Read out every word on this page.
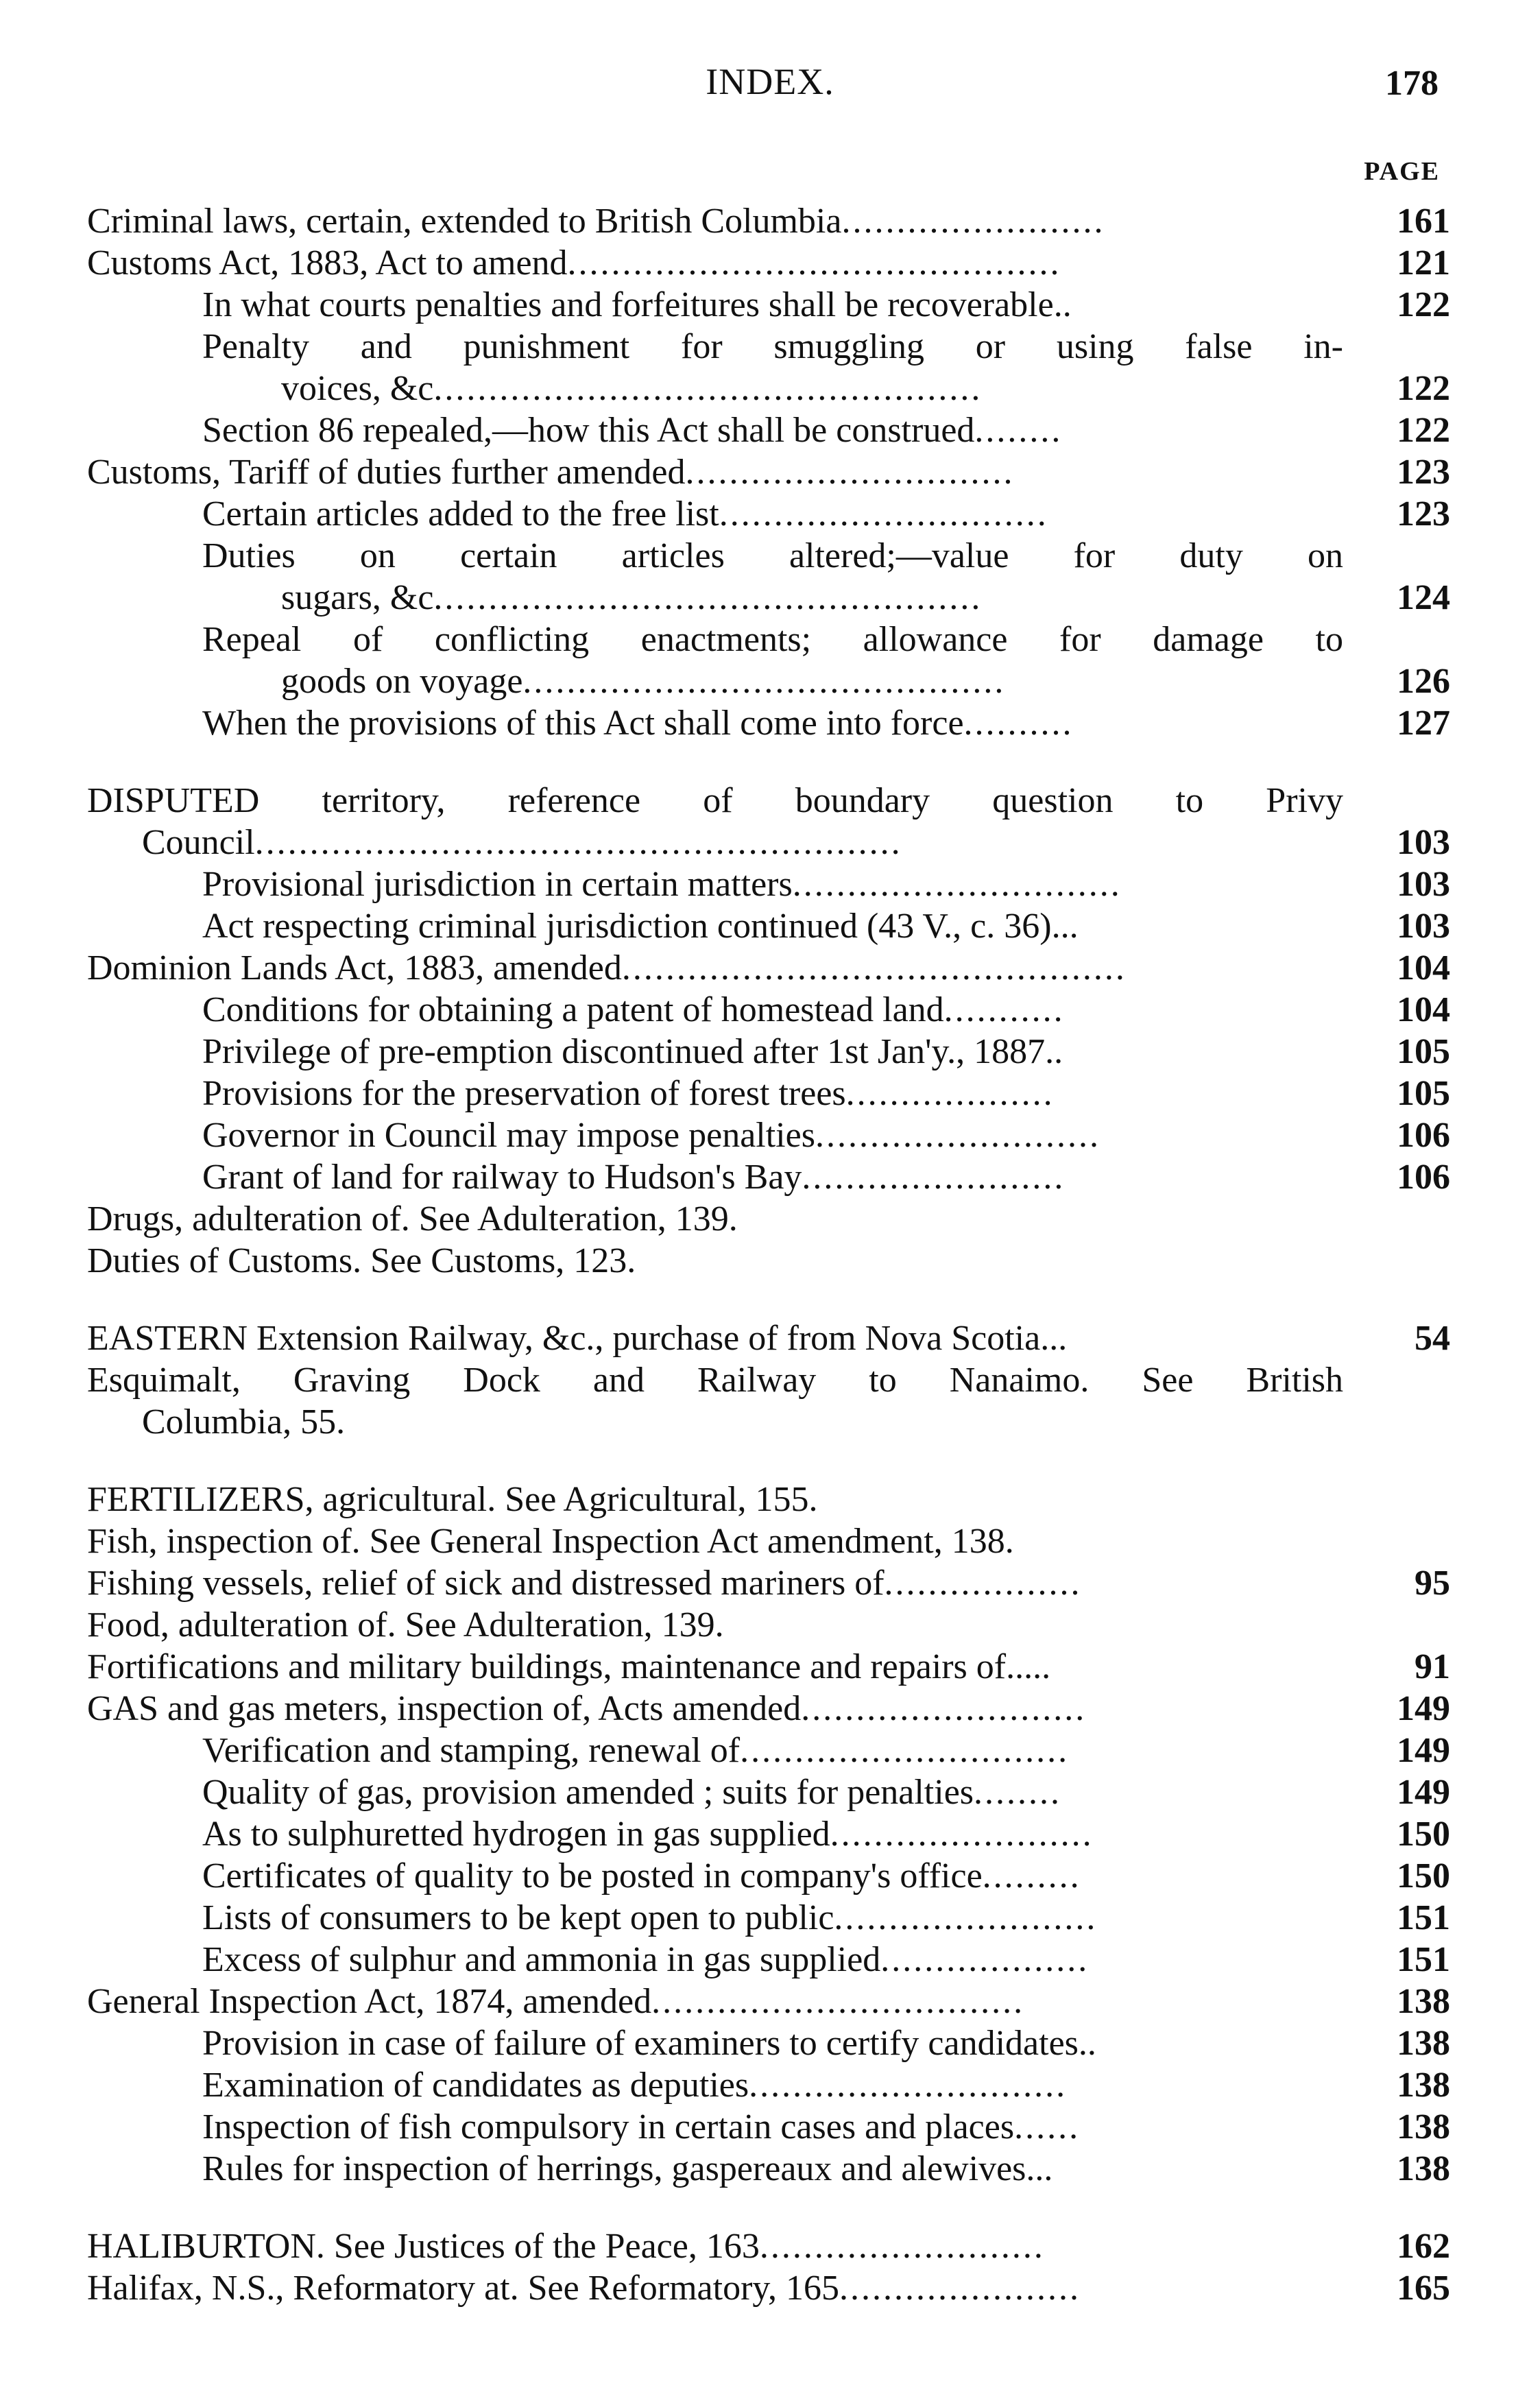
INDEX.	178
PAGE
Criminal laws, certain, extended to British Columbia........................	161
Customs Act, 1883, Act to amend.............................................	121
In what courts penalties and forfeitures shall be recoverable..	122
Penalty and punishment for smuggling or using false in-
voices, &c..................................................	122
Section 86 repealed,—how this Act shall be construed........	122
Customs, Tariff of duties further amended..............................	123
Certain articles added to the free list..............................	123
Duties on certain articles altered;—value for duty on
sugars, &c..................................................	124
Repeal of conflicting enactments; allowance for damage to
goods on voyage............................................	126
When the provisions of this Act shall come into force..........	127
DISPUTED territory, reference of boundary question to Privy
Council...........................................................	103
Provisional jurisdiction in certain matters..............................	103
Act respecting criminal jurisdiction continued (43 V., c. 36)...	103
Dominion Lands Act, 1883, amended..............................................	104
Conditions for obtaining a patent of homestead land...........	104
Privilege of pre-emption discontinued after 1st Jan'y., 1887..	105
Provisions for the preservation of forest trees...................	105
Governor in Council may impose penalties..........................	106
Grant of land for railway to Hudson's Bay........................	106
Drugs, adulteration of. See Adulteration, 139.
Duties of Customs. See Customs, 123.
EASTERN Extension Railway, &c., purchase of from Nova Scotia...	54
Esquimalt, Graving Dock and Railway to Nanaimo. See British
Columbia, 55.
FERTILIZERS, agricultural. See Agricultural, 155.
Fish, inspection of. See General Inspection Act amendment, 138.
Fishing vessels, relief of sick and distressed mariners of..................	95
Food, adulteration of. See Adulteration, 139.
Fortifications and military buildings, maintenance and repairs of.....	91
GAS and gas meters, inspection of, Acts amended..........................	149
Verification and stamping, renewal of..............................	149
Quality of gas, provision amended ; suits for penalties........	149
As to sulphuretted hydrogen in gas supplied........................	150
Certificates of quality to be posted in company's office.........	150
Lists of consumers to be kept open to public........................	151
Excess of sulphur and ammonia in gas supplied...................	151
General Inspection Act, 1874, amended..................................	138
Provision in case of failure of examiners to certify candidates..	138
Examination of candidates as deputies.............................	138
Inspection of fish compulsory in certain cases and places......	138
Rules for inspection of herrings, gaspereaux and alewives...	138
HALIBURTON. See Justices of the Peace, 163..........................	162
Halifax, N.S., Reformatory at. See Reformatory, 165......................	165
